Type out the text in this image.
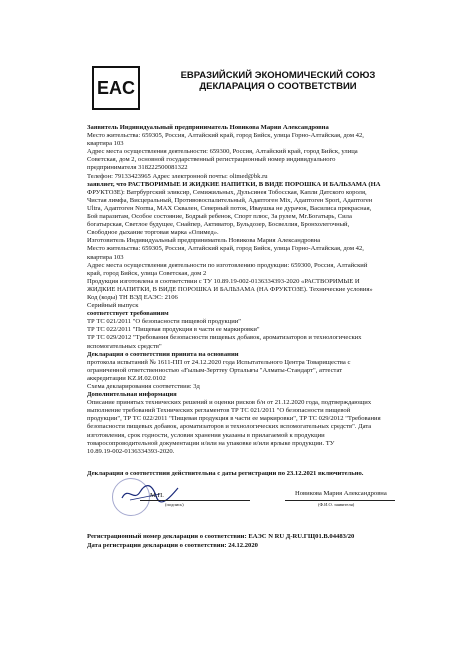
EAC
ЕВРАЗИЙСКИЙ ЭКОНОМИЧЕСКИЙ СОЮЗ
ДЕКЛАРАЦИЯ О СООТВЕТСТВИИ
Заявитель Индивидуальный предприниматель Новикова Мария Александровна
Место жительства: 659305, Россия, Алтайский край, город Бийск, улица Горно-Алтайская, дом 42,
квартира 103
Адрес места осуществления деятельности: 659300, Россия, Алтайский край, город Бийск, улица
Советская, дом 2, основной государственный регистрационный номер индивидуального
предпринимателя 318222500081322
Телефон: 79133423965 Адрес электронной почты: olimed@bk.ru
заявляет, что РАСТВОРИМЫЕ И ЖИДКИЕ НАПИТКИ, В ВИДЕ ПОРОШКА И БАЛЬЗАМА (НА
ФРУКТОЗЕ): Ватрбургский эликсир, Семижильных, Дульсинея Тобосская, Капли Датского короля,
Чистая лимфа, Висцеральный, Противовоспалительный, Адаптоген Mix, Адаптоген Sport, Адаптоген
Ultra, Адаптоген Norma, MAX Сквален, Северный поток, Иваушка не дурачок, Василиса прекрасная,
Бой паразитам, Особое состояние, Бодрый ребенок, Спорт плюс, За рулем, Mr.Богатырь, Сила
богатырская, Светлое будущее, Снайпер, Активатор, Бульдозер, Босвеллия, Бронхолегочный,
Свободное дыхание торговая марка «Олимед».
Изготовитель Индивидуальный предприниматель Новикова Мария Александровна
Место жительства: 659305, Россия, Алтайский край, город Бийск, улица Горно-Алтайская, дом 42,
квартира 103
Адрес места осуществления деятельности по изготовлению продукции: 659300, Россия, Алтайский
край, город Бийск, улица Советская, дом 2
Продукция изготовлена в соответствии с ТУ 10.89.19-002-0136334393-2020 «РАСТВОРИМЫЕ И
ЖИДКИЕ НАПИТКИ, В ВИДЕ ПОРОШКА И БАЛЬЗАМА (НА ФРУКТОЗЕ). Технические условия»
Код (коды) ТН ВЭД ЕАЭС: 2106
Серийный выпуск
соответствует требованиям
ТР ТС 021/2011 "О безопасности пищевой продукции"
ТР ТС 022/2011 "Пищевая продукция в части ее маркировки"
ТР ТС 029/2012 "Требования безопасности пищевых добавок, ароматизаторов и технологических
вспомогательных средств"
Декларация о соответствии принята на основании
протокола испытаний № 1611-ПП от 24.12.2020 года Испытательного Центра Товарищества с
ограниченной ответственностью «Ғылым-Зерттеу Орталығы "Алматы-Стандарт", аттестат
аккредитации KZ.И.02.0102
Схема декларирования соответствия: 3д
Дополнительная информация
Описание принятых технических решений и оценки рисков б/н от 21.12.2020 года, подтверждающих
выполнение требований Технических регламентов ТР ТС 021/2011 "О безопасности пищевой
продукции", ТР ТС 022/2011 "Пищевая продукция в части ее маркировки", ТР ТС 029/2012 "Требования
безопасности пищевых добавок, ароматизаторов и технологических вспомогательных средств". Дата
изготовления, срок годности, условия хранения указаны в прилагаемой к продукции
товаросопроводительной документации и/или на упаковке и/или ярлыке продукции. ТУ
10.89.19-002-0136334393-2020.
Декларация о соответствии действительна с даты регистрации по 23.12.2021 включительно.
М.П.
(подпись)
Новикова Мария Александровна
(Ф.И.О. заявителя)
Регистрационный номер декларации о соответствии: ЕАЭС N RU Д-RU.ГЩ01.В.04483/20
Дата регистрации декларации о соответствии: 24.12.2020
